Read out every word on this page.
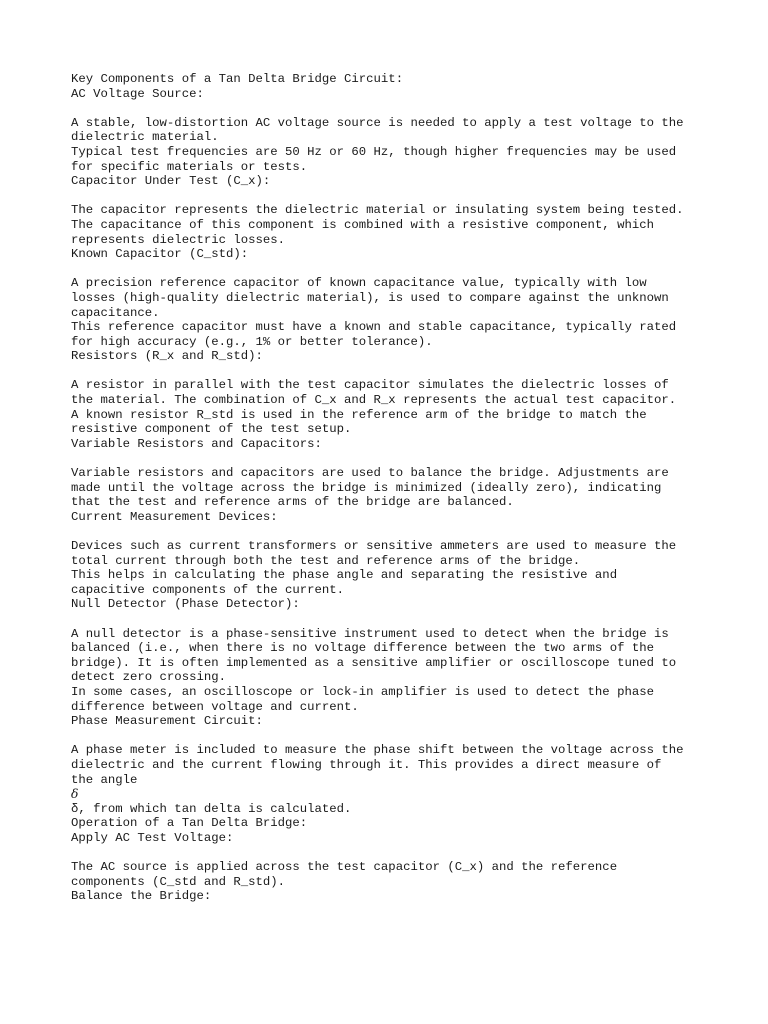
Key Components of a Tan Delta Bridge Circuit:
AC Voltage Source:
A stable, low-distortion AC voltage source is needed to apply a test voltage to the
dielectric material.
Typical test frequencies are 50 Hz or 60 Hz, though higher frequencies may be used
for specific materials or tests.
Capacitor Under Test (C_x):
The capacitor represents the dielectric material or insulating system being tested.
The capacitance of this component is combined with a resistive component, which
represents dielectric losses.
Known Capacitor (C_std):
A precision reference capacitor of known capacitance value, typically with low
losses (high-quality dielectric material), is used to compare against the unknown
capacitance.
This reference capacitor must have a known and stable capacitance, typically rated
for high accuracy (e.g., 1% or better tolerance).
Resistors (R_x and R_std):
A resistor in parallel with the test capacitor simulates the dielectric losses of
the material. The combination of C_x and R_x represents the actual test capacitor.
A known resistor R_std is used in the reference arm of the bridge to match the
resistive component of the test setup.
Variable Resistors and Capacitors:
Variable resistors and capacitors are used to balance the bridge. Adjustments are
made until the voltage across the bridge is minimized (ideally zero), indicating
that the test and reference arms of the bridge are balanced.
Current Measurement Devices:
Devices such as current transformers or sensitive ammeters are used to measure the
total current through both the test and reference arms of the bridge.
This helps in calculating the phase angle and separating the resistive and
capacitive components of the current.
Null Detector (Phase Detector):
A null detector is a phase-sensitive instrument used to detect when the bridge is
balanced (i.e., when there is no voltage difference between the two arms of the
bridge). It is often implemented as a sensitive amplifier or oscilloscope tuned to
detect zero crossing.
In some cases, an oscilloscope or lock-in amplifier is used to detect the phase
difference between voltage and current.
Phase Measurement Circuit:
A phase meter is included to measure the phase shift between the voltage across the
dielectric and the current flowing through it. This provides a direct measure of
the angle
δ
δ, from which tan delta is calculated.
Operation of a Tan Delta Bridge:
Apply AC Test Voltage:
The AC source is applied across the test capacitor (C_x) and the reference
components (C_std and R_std).
Balance the Bridge:
